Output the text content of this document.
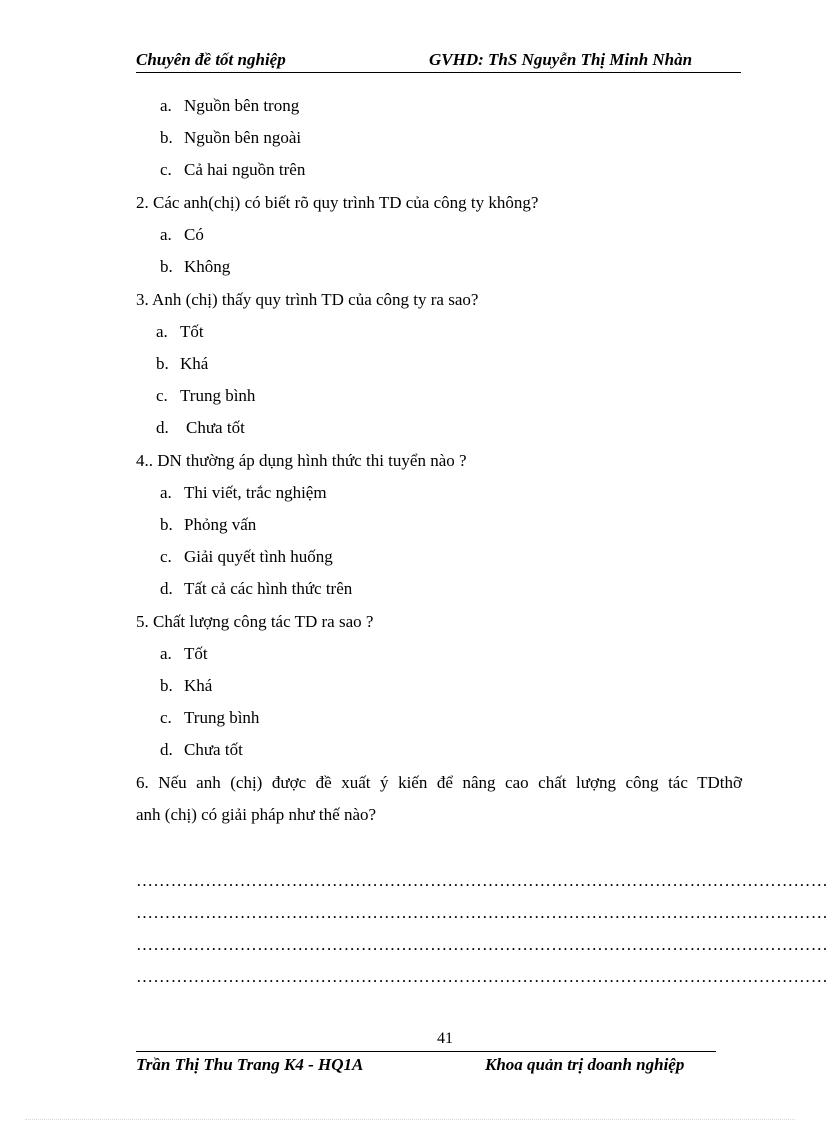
Chuyên đề tốt nghiệp	GVHD: ThS Nguyễn Thị Minh Nhàn
a. Nguồn bên trong
b. Nguồn bên ngoài
c. Cả hai nguồn trên
2. Các anh(chị) có biết rõ quy trình TD của công ty không?
a. Có
b. Không
3. Anh (chị) thấy quy trình TD của công ty ra sao?
a. Tốt
b. Khá
c. Trung bình
d. Chưa tốt
4.. DN thường áp dụng hình thức thi tuyển nào ?
a. Thi viết, trắc nghiệm
b. Phỏng vấn
c. Giải quyết tình huống
d. Tất cả các hình thức trên
5. Chất lượng công tác TD ra sao ?
a. Tốt
b. Khá
c. Trung bình
d. Chưa tốt
6. Nếu anh (chị) được đề xuất ý kiến để nâng cao chất lượng công tác TDthỡ
anh (chị) có giải pháp như thế nào?
…………………………………………………………………………………………………………
…………………………………………………………………………………………………………
…………………………………………………………………………………………………………
…………………………………………………………………………………………………………
41
Trần Thị Thu Trang K4 - HQ1A	Khoa quản trị doanh nghiệp
